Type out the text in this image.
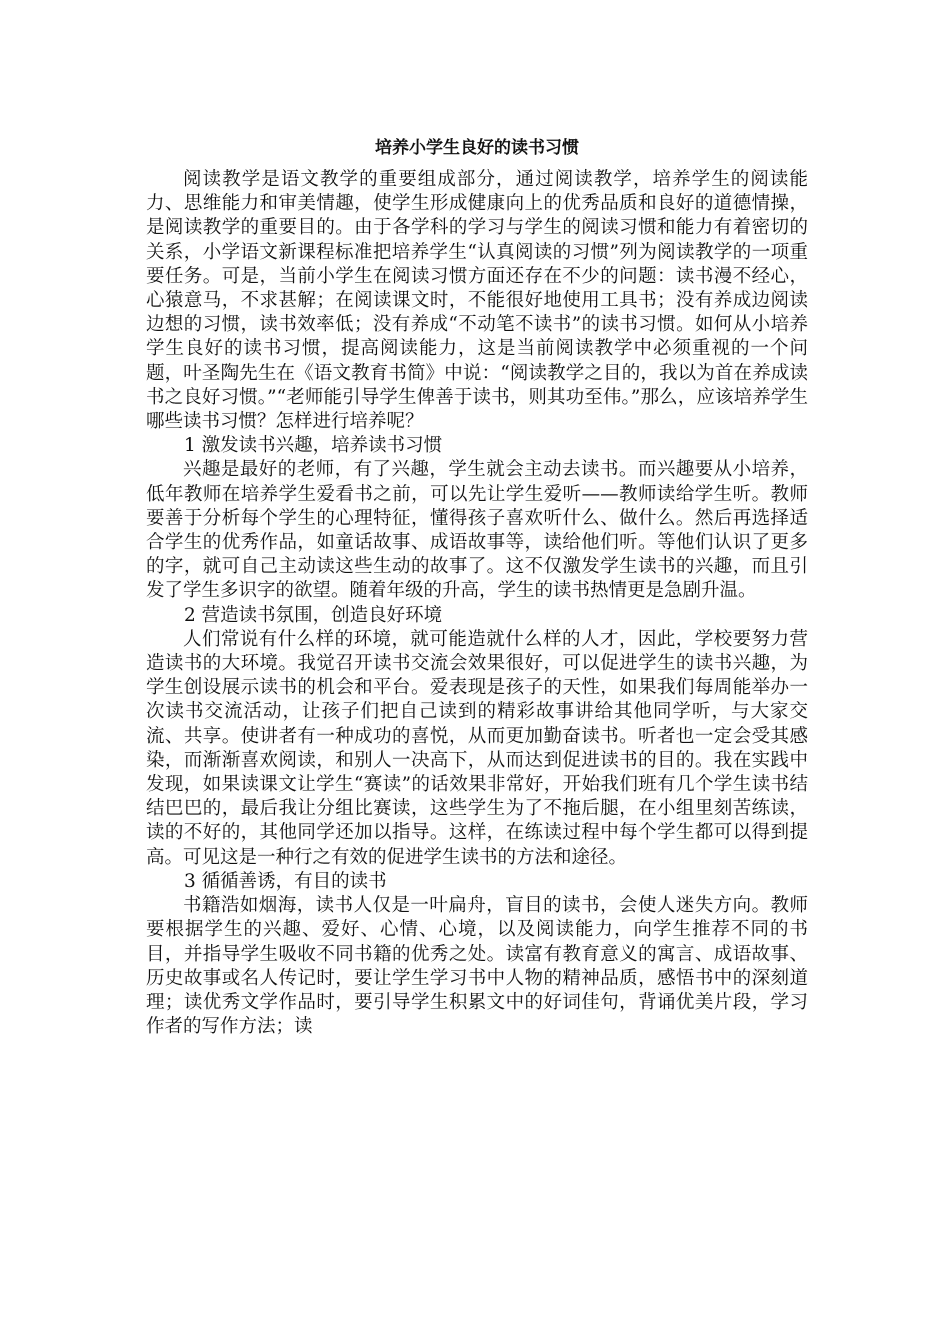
培养小学生良好的读书习惯

阅读教学是语文教学的重要组成部分，通过阅读教学，培养学生的阅读能力、思维能力和审美情趣，使学生形成健康向上的优秀品质和良好的道德情操，是阅读教学的重要目的。由于各学科的学习与学生的阅读习惯和能力有着密切的关系，小学语文新课程标准把培养学生“认真阅读的习惯”列为阅读教学的一项重要任务。可是，当前小学生在阅读习惯方面还存在不少的问题：读书漫不经心，心猿意马，不求甚解；在阅读课文时，不能很好地使用工具书；没有养成边阅读边想的习惯，读书效率低；没有养成“不动笔不读书”的读书习惯。如何从小培养学生良好的读书习惯，提高阅读能力，这是当前阅读教学中必须重视的一个问题，叶圣陶先生在《语文教育书简》中说：“阅读教学之目的，我以为首在养成读书之良好习惯。”“老师能引导学生俾善于读书，则其功至伟。”那么，应该培养学生哪些读书习惯？怎样进行培养呢？

1 激发读书兴趣，培养读书习惯

兴趣是最好的老师，有了兴趣，学生就会主动去读书。而兴趣要从小培养，低年教师在培养学生爱看书之前，可以先让学生爱听——教师读给学生听。教师要善于分析每个学生的心理特征，懂得孩子喜欢听什么、做什么。然后再选择适合学生的优秀作品，如童话故事、成语故事等，读给他们听。等他们认识了更多的字，就可自己主动读这些生动的故事了。这不仅激发学生读书的兴趣，而且引发了学生多识字的欲望。随着年级的升高，学生的读书热情更是急剧升温。

2 营造读书氛围，创造良好环境

人们常说有什么样的环境，就可能造就什么样的人才，因此，学校要努力营造读书的大环境。我觉召开读书交流会效果很好，可以促进学生的读书兴趣，为学生创设展示读书的机会和平台。爱表现是孩子的天性，如果我们每周能举办一次读书交流活动，让孩子们把自己读到的精彩故事讲给其他同学听，与大家交流、共享。使讲者有一种成功的喜悦，从而更加勤奋读书。听者也一定会受其感染，而渐渐喜欢阅读，和别人一决高下，从而达到促进读书的目的。我在实践中发现，如果读课文让学生“赛读”的话效果非常好，开始我们班有几个学生读书结结巴巴的，最后我让分组比赛读，这些学生为了不拖后腿，在小组里刻苦练读，读的不好的，其他同学还加以指导。这样，在练读过程中每个学生都可以得到提高。可见这是一种行之有效的促进学生读书的方法和途径。

3 循循善诱，有目的读书

书籍浩如烟海，读书人仅是一叶扁舟，盲目的读书，会使人迷失方向。教师要根据学生的兴趣、爱好、心情、心境，以及阅读能力，向学生推荐不同的书目，并指导学生吸收不同书籍的优秀之处。读富有教育意义的寓言、成语故事、历史故事或名人传记时，要让学生学习书中人物的精神品质，感悟书中的深刻道理；读优秀文学作品时，要引导学生积累文中的好词佳句，背诵优美片段，学习作者的写作方法；读
